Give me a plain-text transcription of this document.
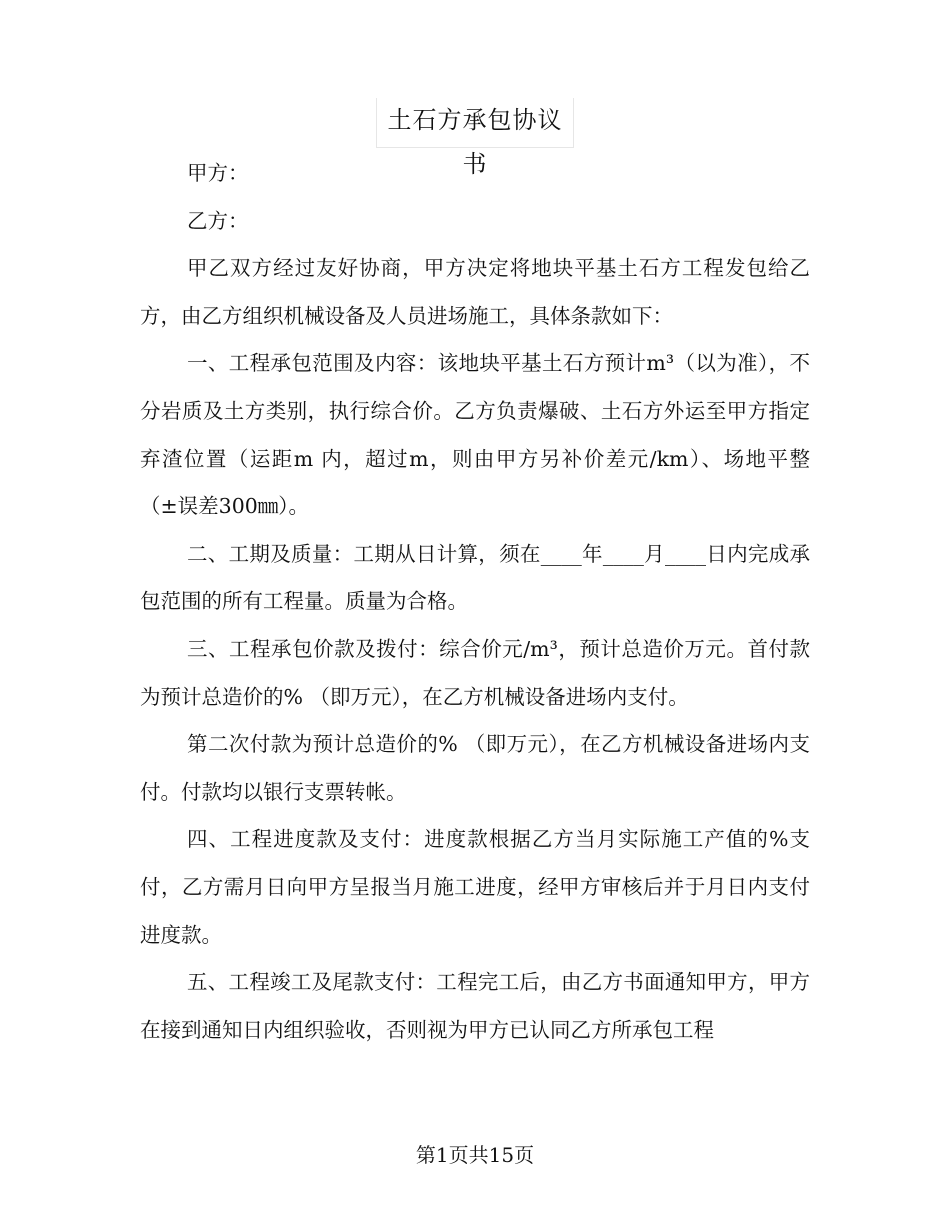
土石方承包协议书

甲方：

乙方：

甲乙双方经过友好协商，甲方决定将地块平基土石方工程发包给乙方，由乙方组织机械设备及人员进场施工，具体条款如下：

一、工程承包范围及内容：该地块平基土石方预计m³（以为准），不分岩质及土方类别，执行综合价。乙方负责爆破、土石方外运至甲方指定弃渣位置（运距m 内，超过m，则由甲方另补价差元/km）、场地平整（±误差300㎜）。

二、工期及质量：工期从日计算，须在____年____月____日内完成承包范围的所有工程量。质量为合格。

三、工程承包价款及拨付：综合价元/m³，预计总造价万元。首付款为预计总造价的% （即万元），在乙方机械设备进场内支付。

第二次付款为预计总造价的% （即万元），在乙方机械设备进场内支付。付款均以银行支票转帐。

四、工程进度款及支付：进度款根据乙方当月实际施工产值的%支付，乙方需月日向甲方呈报当月施工进度，经甲方审核后并于月日内支付进度款。

五、工程竣工及尾款支付：工程完工后，由乙方书面通知甲方，甲方在接到通知日内组织验收，否则视为甲方已认同乙方所承包工程

第1页共15页
